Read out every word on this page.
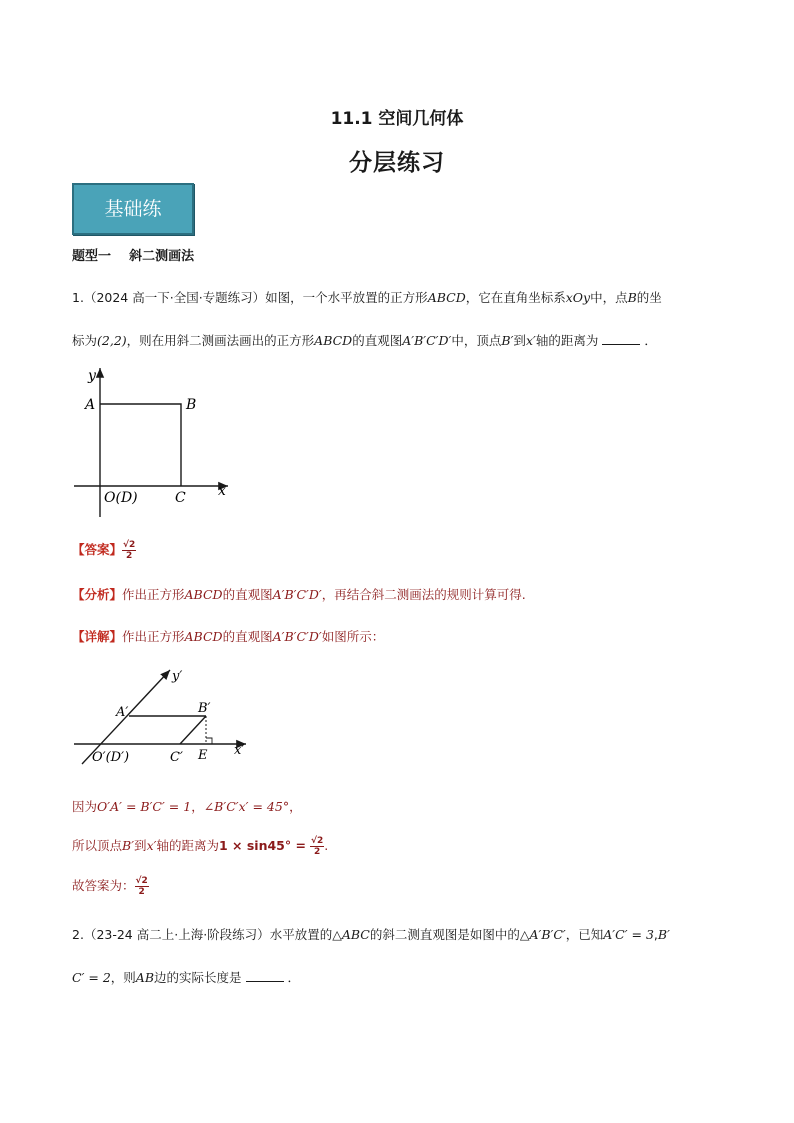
11.1 空间几何体
分层练习
基础练
题型一 斜二测画法
1.（2024 高一下·全国·专题练习）如图，一个水平放置的正方形ABCD，它在直角坐标系xOy中，点B的坐
标为(2,2)，则在用斜二测画法画出的正方形ABCD的直观图A′B′C′D′中，顶点B′到x′轴的距离为	．
y
A	B
O(D)	C x
【答案】 $\frac{√2}{2}$
【分析】作出正方形ABCD的直观图A′B′C′D′，再结合斜二测画法的规则计算可得.
【详解】作出正方形ABCD的直观图A′B′C′D′如图所示：
y′
A′	B′
O′(D′)	C′ E x′
因为O′A′ = B′C′ = 1，∠B′C′x′ = 45°，
所以顶点B′到x′轴的距离为$1 \times \sin 45^\circ = \frac{√2}{2}$ .
故答案为： $\frac{√2}{2}$
2.（23-24 高二上·上海·阶段练习）水平放置的△ABC的斜二测直观图是如图中的△A′B′C′，已知A′C′ = 3,B′
C′ = 2，则AB边的实际长度是	．
